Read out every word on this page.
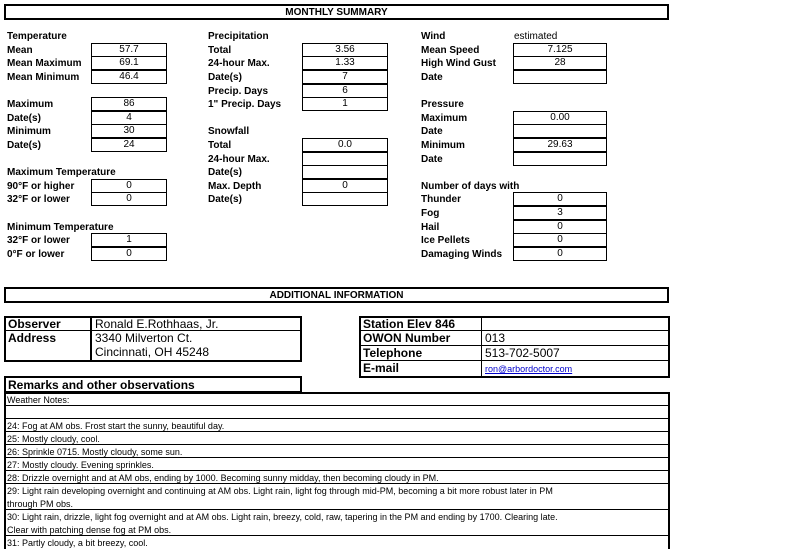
MONTHLY SUMMARY
Temperature
Mean	57.7
Mean Maximum	69.1
Mean Minimum	46.4
Maximum	86
Date(s)	4
Minimum	30
Date(s)	24
Maximum Temperature
90°F or higher	0
32°F or lower	0
Minimum Temperature
32°F or lower	1
0°F or lower	0
Precipitation
Total	3.56
24-hour Max.	1.33
Date(s)	7
Precip. Days	6
1" Precip. Days	1
Snowfall
Total	0.0
24-hour Max.
Date(s)
Max. Depth	0
Date(s)
Wind	estimated
Mean Speed	7.125
High Wind Gust	28
Date
Pressure
Maximum	0.00
Date
Minimum	29.63
Date
Number of days with
Thunder	0
Fog	3
Hail	0
Ice Pellets	0
Damaging Winds	0
ADDITIONAL INFORMATION
Observer	Ronald E.Rothhaas, Jr.
Address	3340 Milverton Ct.
Cincinnati, OH 45248
Station Elev 846
OWON Number	013
Telephone	513-702-5007
E-mail	ron@arbordoctor.com
Remarks and other observations
Weather Notes:
24: Fog at AM obs. Frost start the sunny, beautiful day.
25: Mostly cloudy, cool.
26: Sprinkle 0715. Mostly cloudy, some sun.
27: Mostly cloudy. Evening sprinkles.
28: Drizzle overnight and at AM obs, ending by 1000. Becoming sunny midday, then becoming cloudy in PM.
29: Light rain developing overnight and continuing at AM obs. Light rain, light fog through mid-PM, becoming a bit more robust later in PM
through PM obs.
30: Light rain, drizzle, light fog overnight and at AM obs. Light rain, breezy, cold, raw, tapering in the PM and ending by 1700. Clearing late.
Clear with patching dense fog at PM obs.
31: Partly cloudy, a bit breezy, cool.
